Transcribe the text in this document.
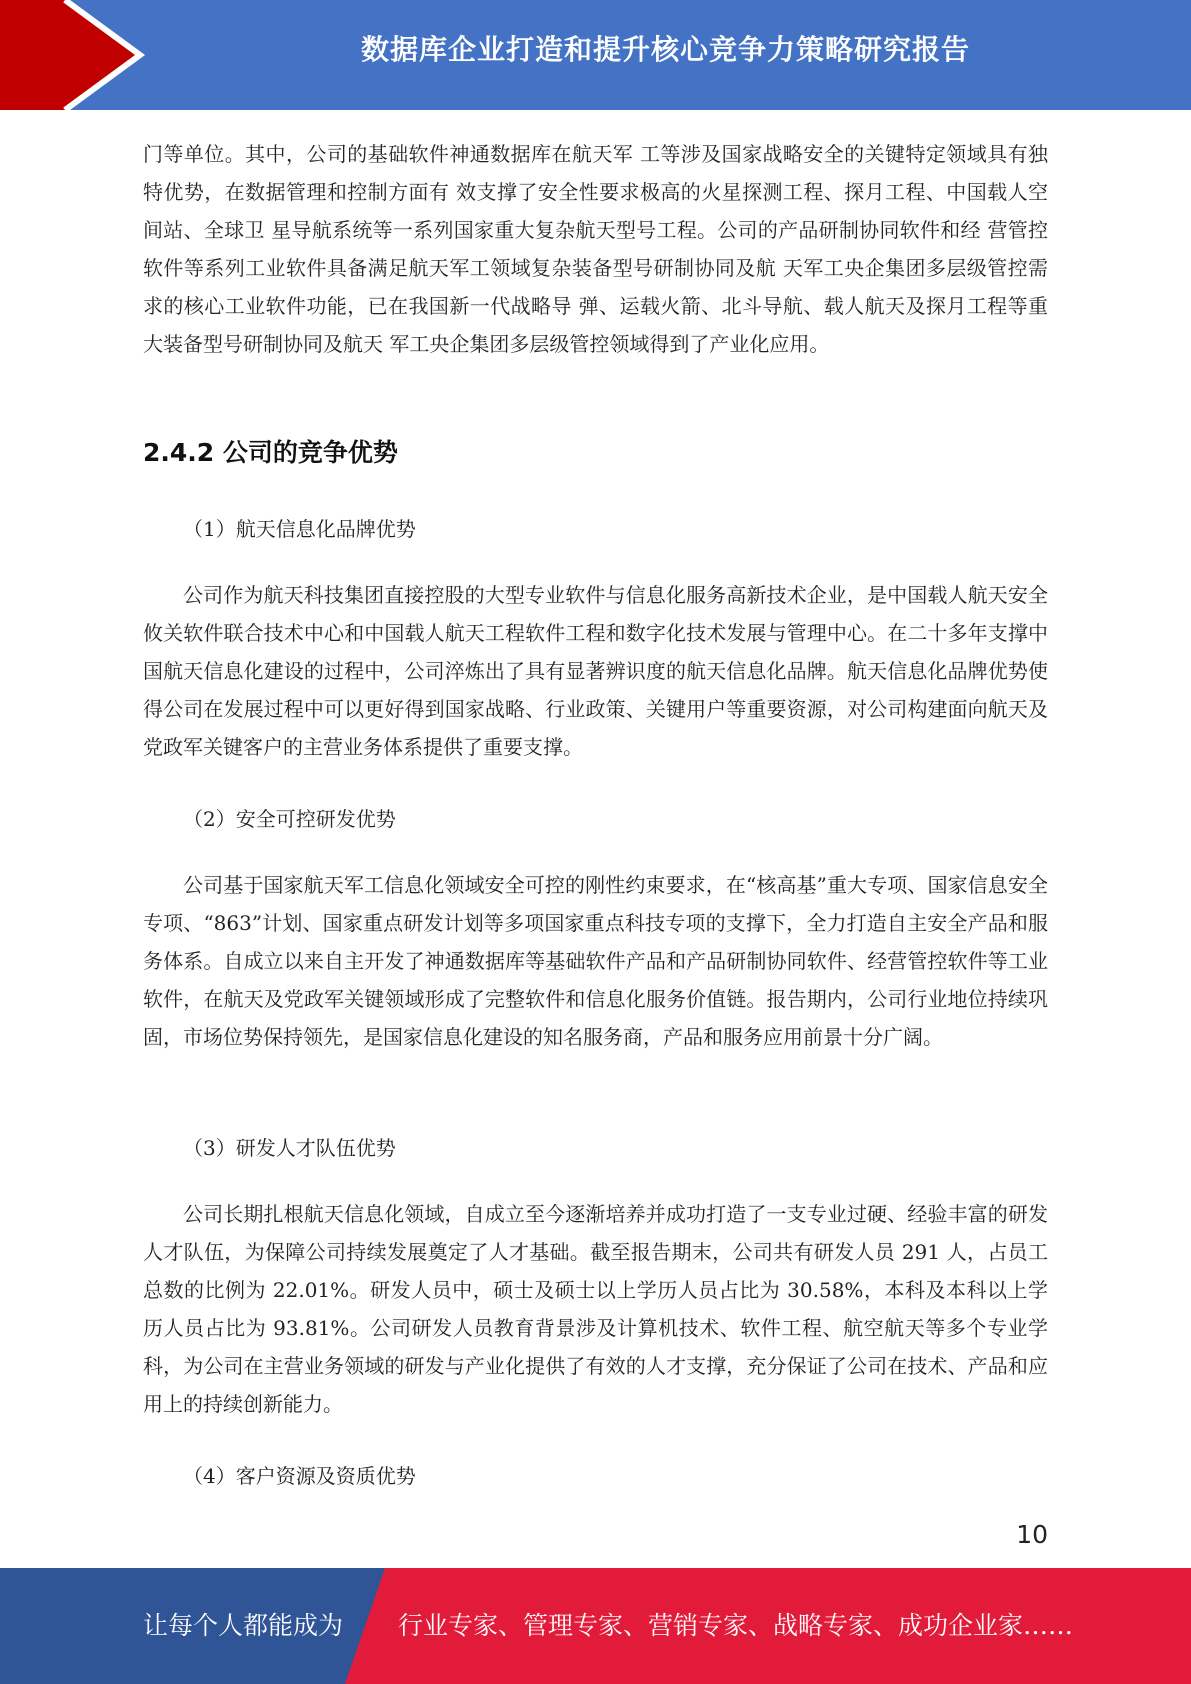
数据库企业打造和提升核心竞争力策略研究报告

门等单位。其中，公司的基础软件神通数据库在航天军 工等涉及国家战略安全的关键特定领域具有独特优势，在数据管理和控制方面有 效支撑了安全性要求极高的火星探测工程、探月工程、中国载人空间站、全球卫 星导航系统等一系列国家重大复杂航天型号工程。公司的产品研制协同软件和经 营管控软件等系列工业软件具备满足航天军工领域复杂装备型号研制协同及航 天军工央企集团多层级管控需求的核心工业软件功能，已在我国新一代战略导 弹、运载火箭、北斗导航、载人航天及探月工程等重大装备型号研制协同及航天 军工央企集团多层级管控领域得到了产业化应用。

2.4.2 公司的竞争优势

（1）航天信息化品牌优势

公司作为航天科技集团直接控股的大型专业软件与信息化服务高新技术企业，是中国载人航天安全攸关软件联合技术中心和中国载人航天工程软件工程和数字化技术发展与管理中心。在二十多年支撑中国航天信息化建设的过程中，公司淬炼出了具有显著辨识度的航天信息化品牌。航天信息化品牌优势使得公司在发展过程中可以更好得到国家战略、行业政策、关键用户等重要资源，对公司构建面向航天及党政军关键客户的主营业务体系提供了重要支撑。

（2）安全可控研发优势

公司基于国家航天军工信息化领域安全可控的刚性约束要求，在“核高基”重大专项、国家信息安全专项、“863”计划、国家重点研发计划等多项国家重点科技专项的支撑下，全力打造自主安全产品和服务体系。自成立以来自主开发了神通数据库等基础软件产品和产品研制协同软件、经营管控软件等工业软件，在航天及党政军关键领域形成了完整软件和信息化服务价值链。报告期内，公司行业地位持续巩固，市场位势保持领先，是国家信息化建设的知名服务商，产品和服务应用前景十分广阔。

（3）研发人才队伍优势

公司长期扎根航天信息化领域，自成立至今逐渐培养并成功打造了一支专业过硬、经验丰富的研发人才队伍，为保障公司持续发展奠定了人才基础。截至报告期末，公司共有研发人员 291 人，占员工总数的比例为 22.01%。研发人员中，硕士及硕士以上学历人员占比为 30.58%，本科及本科以上学历人员占比为 93.81%。公司研发人员教育背景涉及计算机技术、软件工程、航空航天等多个专业学科，为公司在主营业务领域的研发与产业化提供了有效的人才支撑，充分保证了公司在技术、产品和应用上的持续创新能力。

（4）客户资源及资质优势

10
让每个人都能成为 行业专家、管理专家、营销专家、战略专家、成功企业家……
